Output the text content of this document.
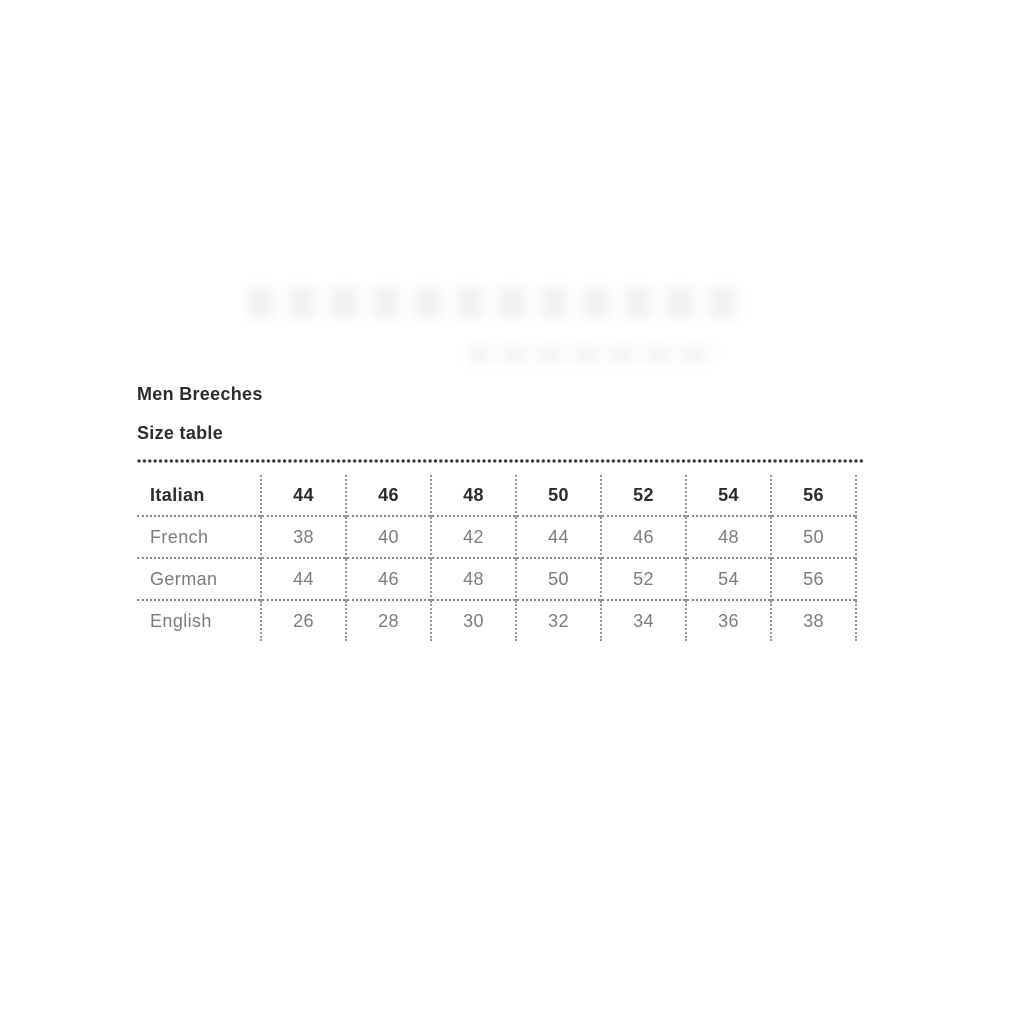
Men Breeches
Size table
Italian	44	46	48	50	52	54	56
French	38	40	42	44	46	48	50
German	44	46	48	50	52	54	56
English	26	28	30	32	34	36	38
